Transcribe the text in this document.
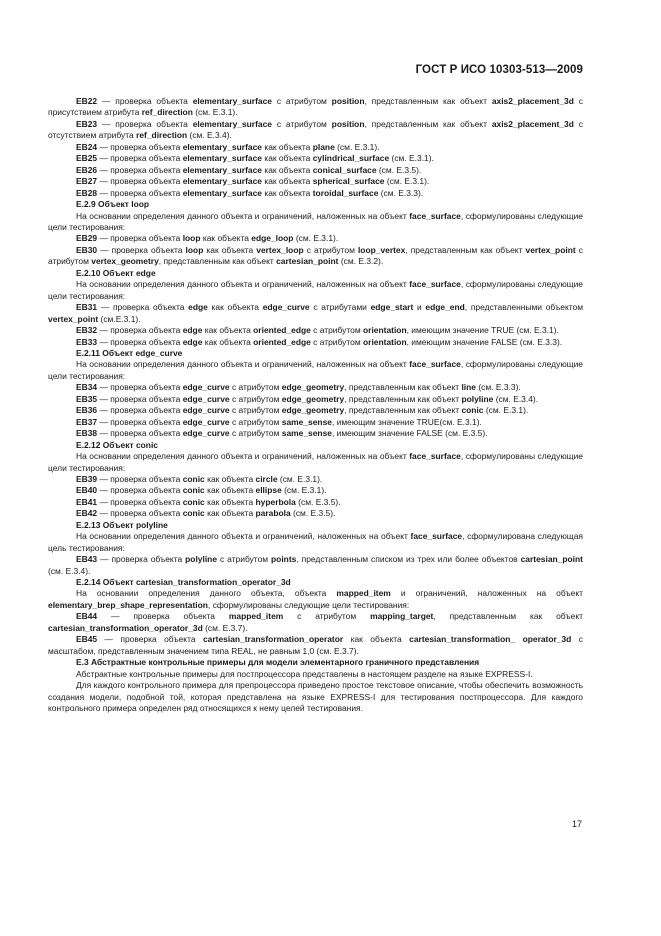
ГОСТ Р ИСО 10303-513—2009

EB22 — проверка объекта elementary_surface с атрибутом position, представленным как объект axis2_placement_3d с присутствием атрибута ref_direction (см. E.3.1).

EB23 — проверка объекта elementary_surface с атрибутом position, представленным как объект axis2_placement_3d с отсутствием атрибута ref_direction (см. E.3.4).

EB24 — проверка объекта elementary_surface как объекта plane (см. E.3.1).

EB25 — проверка объекта elementary_surface как объекта cylindrical_surface (см. E.3.1).

EB26 — проверка объекта elementary_surface как объекта conical_surface (см. E.3.5).

EB27 — проверка объекта elementary_surface как объекта spherical_surface (см. E.3.1).

EB28 — проверка объекта elementary_surface как объекта toroidal_surface (см. E.3.3).

E.2.9 Объект loop

На основании определения данного объекта и ограничений, наложенных на объект face_surface, сформулированы следующие цели тестирования:

EB29 — проверка объекта loop как объекта edge_loop (см. E.3.1).

EB30 — проверка объекта loop как объекта vertex_loop с атрибутом loop_vertex, представленным как объект vertex_point с атрибутом vertex_geometry, представленным как объект cartesian_point (см. E.3.2).

E.2.10 Объект edge

На основании определения данного объекта и ограничений, наложенных на объект face_surface, сформулированы следующие цели тестирования:

EB31 — проверка объекта edge как объекта edge_curve с атрибутами edge_start и edge_end, представленными объектом vertex_point (см.E.3.1).

EB32 — проверка объекта edge как объекта oriented_edge с атрибутом orientation, имеющим значение TRUE (см. E.3.1).

EB33 — проверка объекта edge как объекта oriented_edge с атрибутом orientation, имеющим значение FALSE (см. E.3.3).

E.2.11 Объект edge_curve

На основании определения данного объекта и ограничений, наложенных на объект face_surface, сформулированы следующие цели тестирования:

EB34 — проверка объекта edge_curve с атрибутом edge_geometry, представленным как объект line (см. E.3.3).

EB35 — проверка объекта edge_curve с атрибутом edge_geometry, представленным как объект polyline (см. E.3.4).

EB36 — проверка объекта edge_curve с атрибутом edge_geometry, представленным как объект conic (см. E.3.1).

EB37 — проверка объекта edge_curve с атрибутом same_sense, имеющим значение TRUE(см. E.3.1).

EB38 — проверка объекта edge_curve с атрибутом same_sense, имеющим значение FALSE (см. E.3.5).

E.2.12 Объект conic

На основании определения данного объекта и ограничений, наложенных на объект face_surface, сформулированы следующие цели тестирования:

EB39 — проверка объекта conic как объекта circle (см. E.3.1).

EB40 — проверка объекта conic как объекта ellipse (см. E.3.1).

EB41 — проверка объекта conic как объекта hyperbola (см. E.3.5).

EB42 — проверка объекта conic как объекта parabola (см. E.3.5).

E.2.13 Объект polyline

На основании определения данного объекта и ограничений, наложенных на объект face_surface, сформулирована следующая цель тестирования:

EB43 — проверка объекта polyline с атрибутом points, представленным списком из трех или более объектов cartesian_point (см. E.3.4).

E.2.14 Объект cartesian_transformation_operator_3d

На основании определения данного объекта, объекта mapped_item и ограничений, наложенных на объект elementary_brep_shape_representation, сформулированы следующие цели тестирования:

EB44 — проверка объекта mapped_item с атрибутом mapping_target, представленным как объект cartesian_transformation_operator_3d (см. E.3.7).

EB45 — проверка объекта cartesian_transformation_operator как объекта cartesian_transformation_ operator_3d с масштабом, представленным значением типа REAL, не равным 1,0 (см. E.3.7).

E.3 Абстрактные контрольные примеры для модели элементарного граничного представления

Абстрактные контрольные примеры для постпроцессора представлены в настоящем разделе на языке EXPRESS-I.

Для каждого контрольного примера для препроцессора приведено простое текстовое описание, чтобы обеспечить возможность создания модели, подобной той, которая представлена на языке EXPRESS-I для тестирования постпроцессора. Для каждого контрольного примера определен ряд относящихся к нему целей тестирования.

17
